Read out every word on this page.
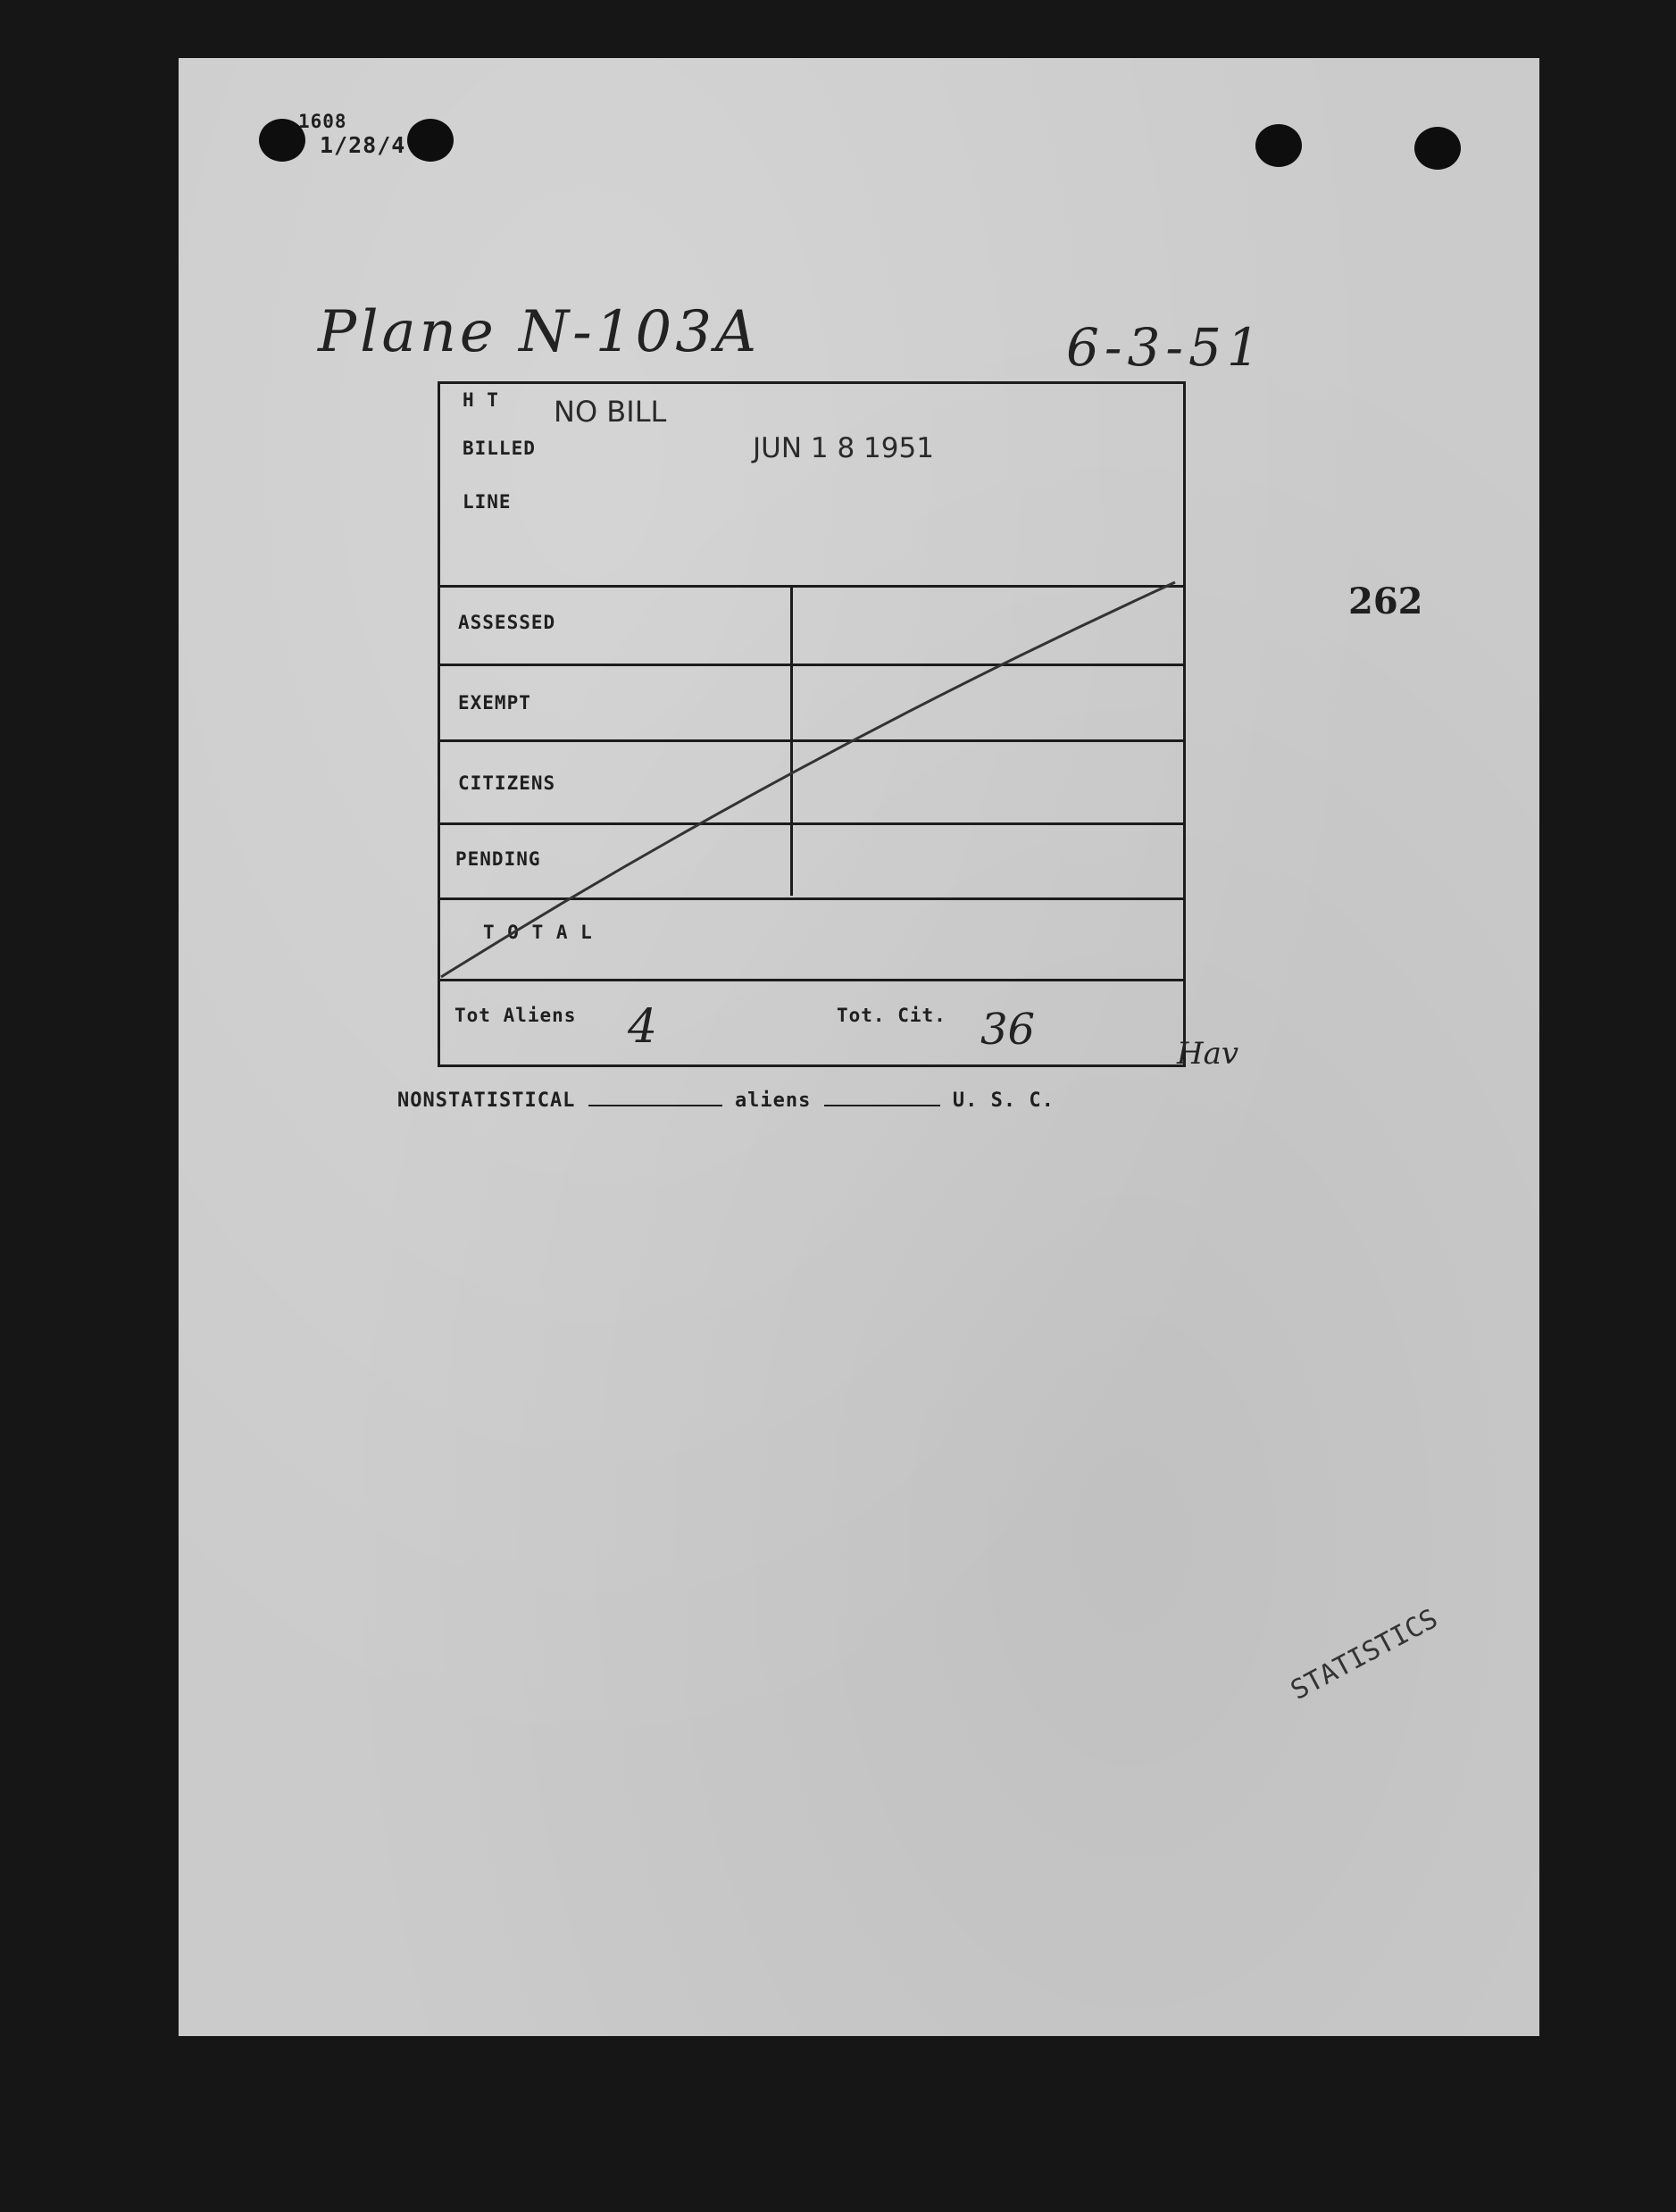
1608
1/28/4
Plane N-103A	6-3-51
262
H T NO BILL
BILLED	JUN 1 8 1951
LINE
ASSESSED
EXEMPT
CITIZENS
PENDING
T O T A L
Tot Aliens 4	Tot. Cit. 36	Hav
NONSTATISTICAL	aliens	U. S. C.
STATISTICS
